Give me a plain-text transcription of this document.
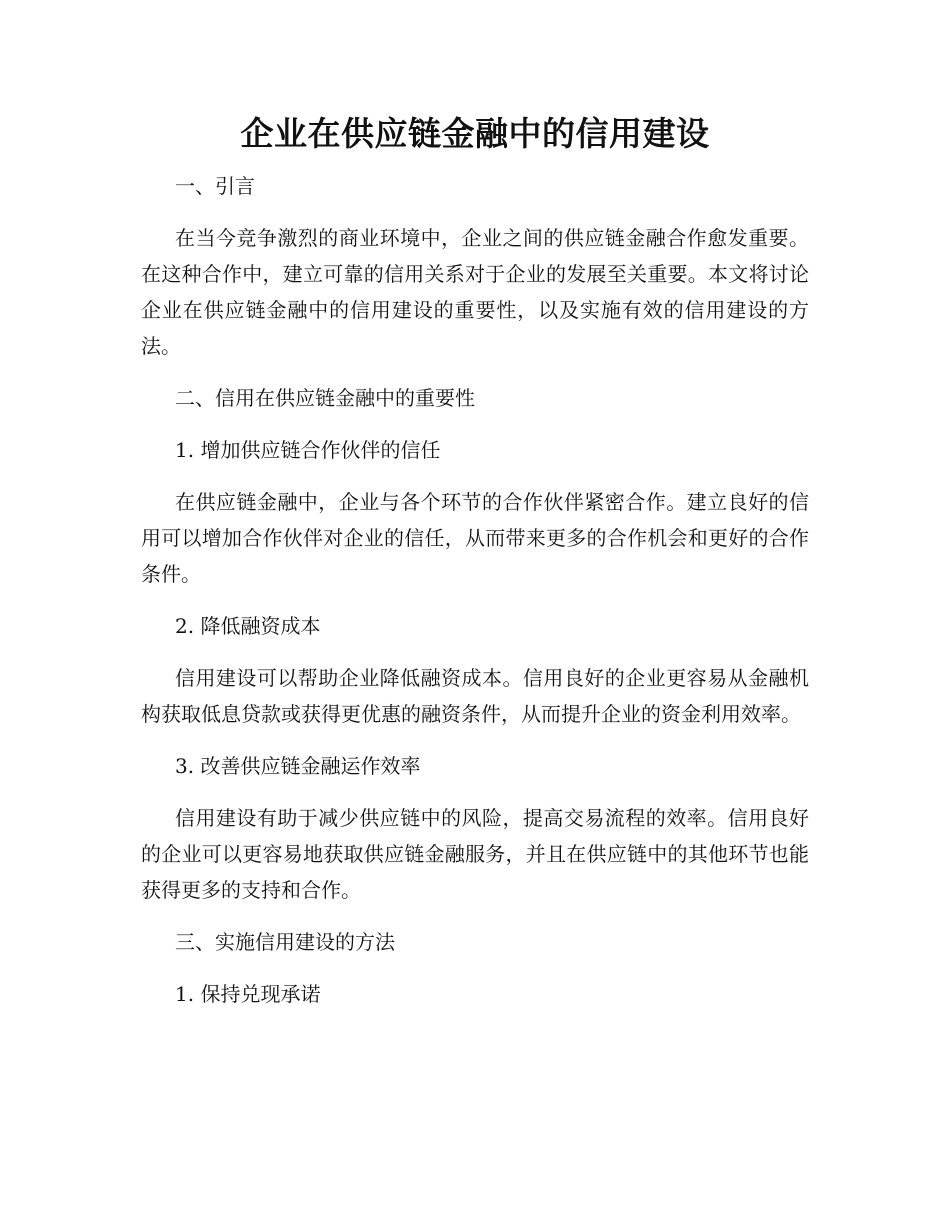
企业在供应链金融中的信用建设

一、引言

在当今竞争激烈的商业环境中，企业之间的供应链金融合作愈发重要。在这种合作中，建立可靠的信用关系对于企业的发展至关重要。本文将讨论企业在供应链金融中的信用建设的重要性，以及实施有效的信用建设的方法。

二、信用在供应链金融中的重要性

1. 增加供应链合作伙伴的信任

在供应链金融中，企业与各个环节的合作伙伴紧密合作。建立良好的信用可以增加合作伙伴对企业的信任，从而带来更多的合作机会和更好的合作条件。

2. 降低融资成本

信用建设可以帮助企业降低融资成本。信用良好的企业更容易从金融机构获取低息贷款或获得更优惠的融资条件，从而提升企业的资金利用效率。

3. 改善供应链金融运作效率

信用建设有助于减少供应链中的风险，提高交易流程的效率。信用良好的企业可以更容易地获取供应链金融服务，并且在供应链中的其他环节也能获得更多的支持和合作。

三、实施信用建设的方法

1. 保持兑现承诺
